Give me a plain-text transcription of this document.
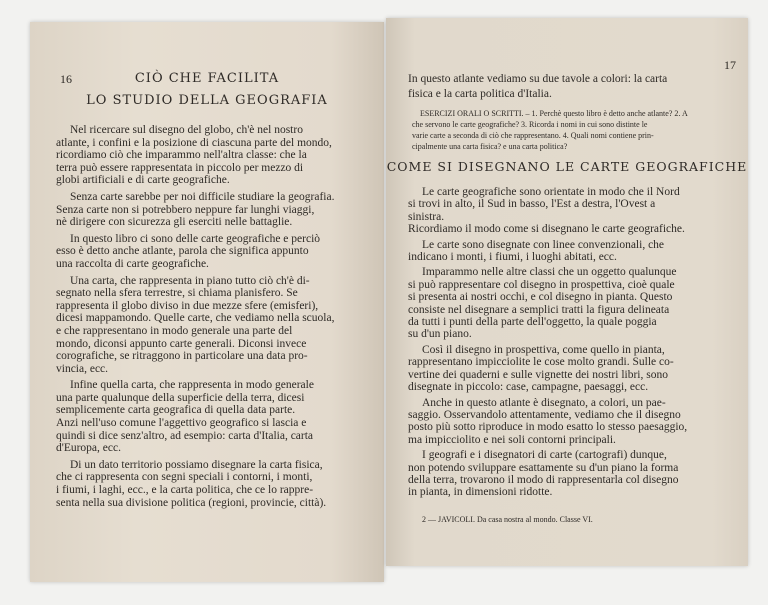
16	CIÒ CHE FACILITA
LO STUDIO DELLA GEOGRAFIA
Nel ricercare sul disegno del globo, ch'è nel nostro
atlante, i confini e la posizione di ciascuna parte del mondo,
ricordiamo ciò che imparammo nell'altra classe: che la
terra può essere rappresentata in piccolo per mezzo di
globi artificiali e di carte geografiche.
Senza carte sarebbe per noi difficile studiare la geografia.
Senza carte non si potrebbero neppure far lunghi viaggi,
nè dirigere con sicurezza gli eserciti nelle battaglie.
In questo libro ci sono delle carte geografiche e perciò
esso è detto anche atlante, parola che significa appunto
una raccolta di carte geografiche.
Una carta, che rappresenta in piano tutto ciò ch'è di-
segnato nella sfera terrestre, si chiama planisfero. Se
rappresenta il globo diviso in due mezze sfere (emisferi),
dicesi mappamondo. Quelle carte, che vediamo nella scuola,
e che rappresentano in modo generale una parte del
mondo, diconsi appunto carte generali. Diconsi invece
corografiche, se ritraggono in particolare una data pro-
vincia, ecc.
Infine quella carta, che rappresenta in modo generale
una parte qualunque della superficie della terra, dicesi
semplicemente carta geografica di quella data parte.
Anzi nell'uso comune l'aggettivo geografico si lascia e
quindi si dice senz'altro, ad esempio: carta d'Italia, carta
d'Europa, ecc.
Di un dato territorio possiamo disegnare la carta fisica,
che ci rappresenta con segni speciali i contorni, i monti,
i fiumi, i laghi, ecc., e la carta politica, che ce lo rappre-
senta nella sua divisione politica (regioni, provincie, città).
17
In questo atlante vediamo su due tavole a colori: la carta
fisica e la carta politica d'Italia.
ESERCIZI ORALI O SCRITTI. – 1. Perchè questo libro è detto anche atlante? 2. A
che servono le carte geografiche? 3. Ricorda i nomi in cui sono distinte le
varie carte a seconda di ciò che rappresentano. 4. Quali nomi contiene prin-
cipalmente una carta fisica? e una carta politica?
COME SI DISEGNANO LE CARTE GEOGRAFICHE
Le carte geografiche sono orientate in modo che il Nord
si trovi in alto, il Sud in basso, l'Est a destra, l'Ovest a
sinistra.
Ricordiamo il modo come si disegnano le carte geografiche.
Le carte sono disegnate con linee convenzionali, che
indicano i monti, i fiumi, i luoghi abitati, ecc.
Imparammo nelle altre classi che un oggetto qualunque
si può rappresentare col disegno in prospettiva, cioè quale
si presenta ai nostri occhi, e col disegno in pianta. Questo
consiste nel disegnare a semplici tratti la figura delineata
da tutti i punti della parte dell'oggetto, la quale poggia
su d'un piano.
Così il disegno in prospettiva, come quello in pianta,
rappresentano impicciolite le cose molto grandi. Sulle co-
vertine dei quaderni e sulle vignette dei nostri libri, sono
disegnate in piccolo: case, campagne, paesaggi, ecc.
Anche in questo atlante è disegnato, a colori, un pae-
saggio. Osservandolo attentamente, vediamo che il disegno
posto più sotto riproduce in modo esatto lo stesso paesaggio,
ma impicciolito e nei soli contorni principali.
I geografi e i disegnatori di carte (cartografi) dunque,
non potendo sviluppare esattamente su d'un piano la forma
della terra, trovarono il modo di rappresentarla col disegno
in pianta, in dimensioni ridotte.
2 — JAVICOLI. Da casa nostra al mondo. Classe VI.
